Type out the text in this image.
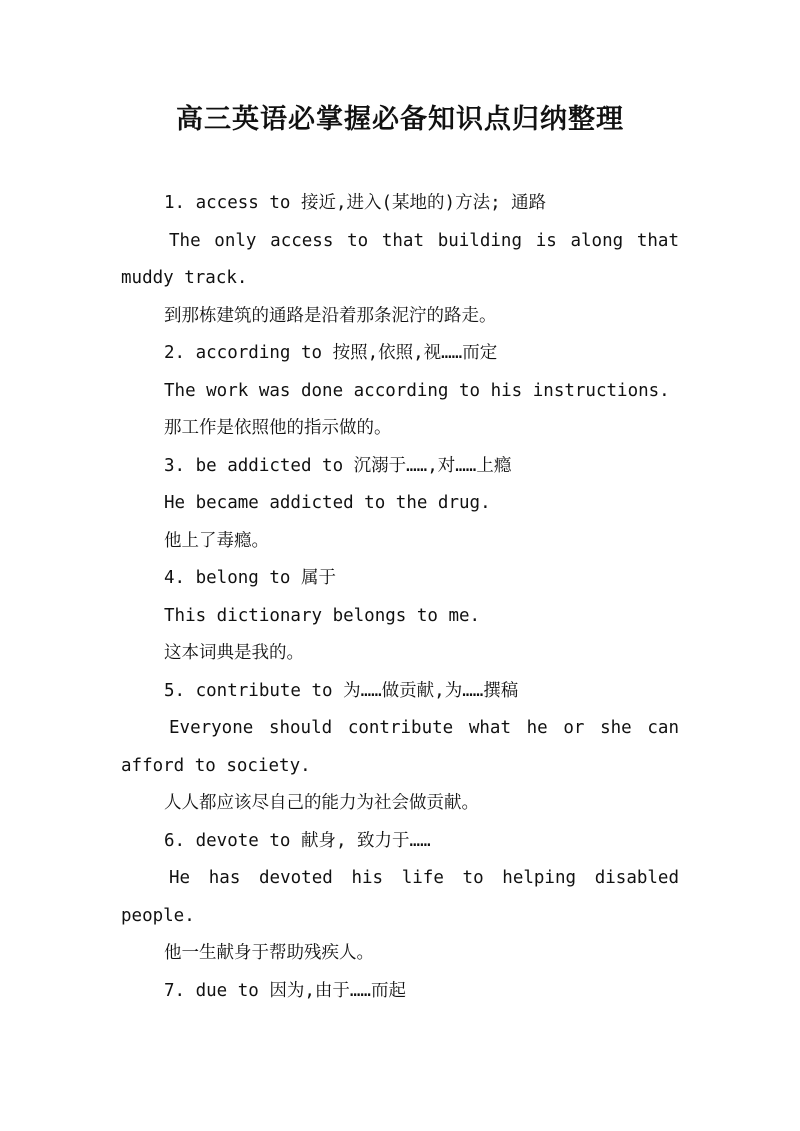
高三英语必掌握必备知识点归纳整理
1. access to 接近,进入(某地的)方法; 通路
The only access to that building is along that
muddy track.
到那栋建筑的通路是沿着那条泥泞的路走。
2. according to 按照,依照,视……而定
The work was done according to his instructions.
那工作是依照他的指示做的。
3. be addicted to 沉溺于……,对……上瘾
He became addicted to the drug.
他上了毒瘾。
4. belong to 属于
This dictionary belongs to me.
这本词典是我的。
5. contribute to 为……做贡献,为……撰稿
Everyone should contribute what he or she can
afford to society.
人人都应该尽自己的能力为社会做贡献。
6. devote to 献身, 致力于……
He has devoted his life to helping disabled
people.
他一生献身于帮助残疾人。
7. due to 因为,由于……而起
